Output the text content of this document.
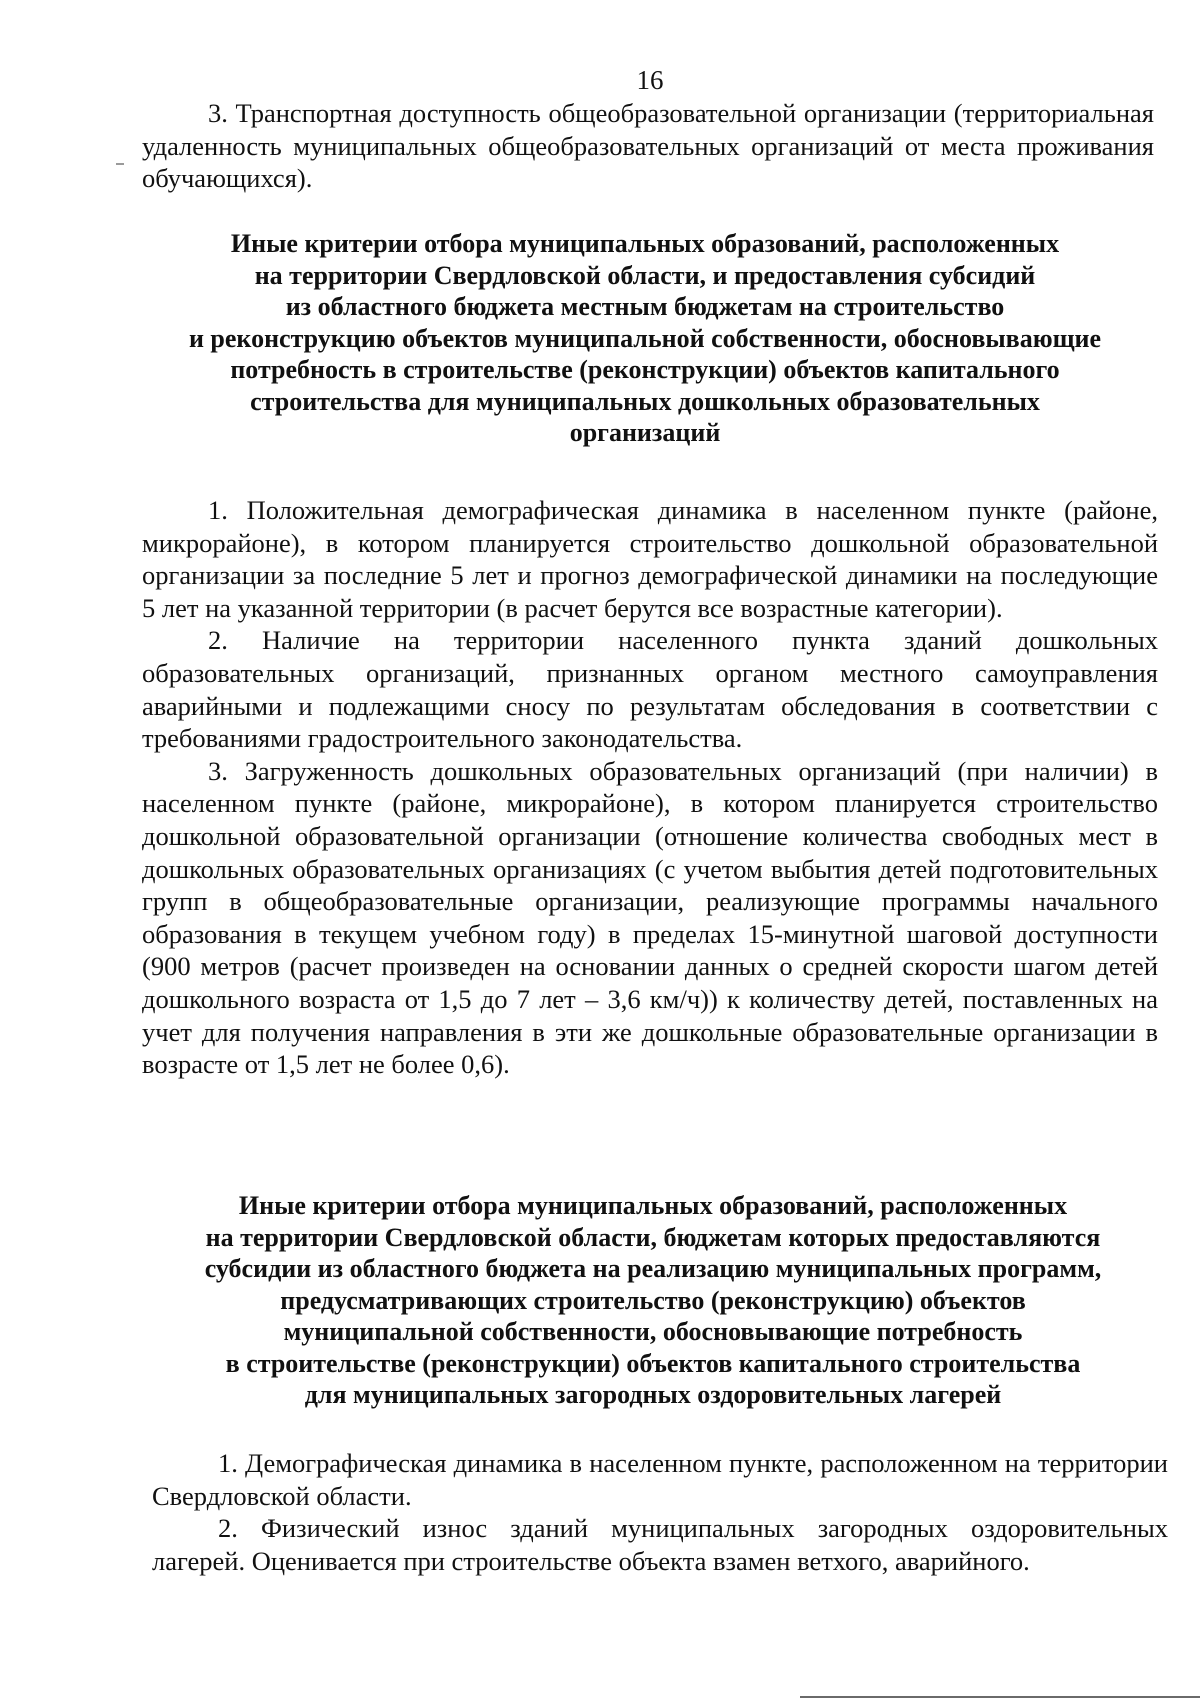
16

3. Транспортная доступность общеобразовательной организации (территориальная удаленность муниципальных общеобразовательных организаций от места проживания обучающихся).

Иные критерии отбора муниципальных образований, расположенных
на территории Свердловской области, и предоставления субсидий
из областного бюджета местным бюджетам на строительство
и реконструкцию объектов муниципальной собственности, обосновывающие
потребность в строительстве (реконструкции) объектов капитального
строительства для муниципальных дошкольных образовательных
организаций

1. Положительная демографическая динамика в населенном пункте (районе, микрорайоне), в котором планируется строительство дошкольной образовательной организации за последние 5 лет и прогноз демографической динамики на последующие 5 лет на указанной территории (в расчет берутся все возрастные категории).

2. Наличие на территории населенного пункта зданий дошкольных образовательных организаций, признанных органом местного самоуправления аварийными и подлежащими сносу по результатам обследования в соответствии с требованиями градостроительного законодательства.

3. Загруженность дошкольных образовательных организаций (при наличии) в населенном пункте (районе, микрорайоне), в котором планируется строительство дошкольной образовательной организации (отношение количества свободных мест в дошкольных образовательных организациях (с учетом выбытия детей подготовительных групп в общеобразовательные организации, реализующие программы начального образования в текущем учебном году) в пределах 15-минутной шаговой доступности (900 метров (расчет произведен на основании данных о средней скорости шагом детей дошкольного возраста от 1,5 до 7 лет – 3,6 км/ч)) к количеству детей, поставленных на учет для получения направления в эти же дошкольные образовательные организации в возрасте от 1,5 лет не более 0,6).

Иные критерии отбора муниципальных образований, расположенных
на территории Свердловской области, бюджетам которых предоставляются
субсидии из областного бюджета на реализацию муниципальных программ,
предусматривающих строительство (реконструкцию) объектов
муниципальной собственности, обосновывающие потребность
в строительстве (реконструкции) объектов капитального строительства
для муниципальных загородных оздоровительных лагерей

1. Демографическая динамика в населенном пункте, расположенном на территории Свердловской области.

2. Физический износ зданий муниципальных загородных оздоровительных лагерей. Оценивается при строительстве объекта взамен ветхого, аварийного.
